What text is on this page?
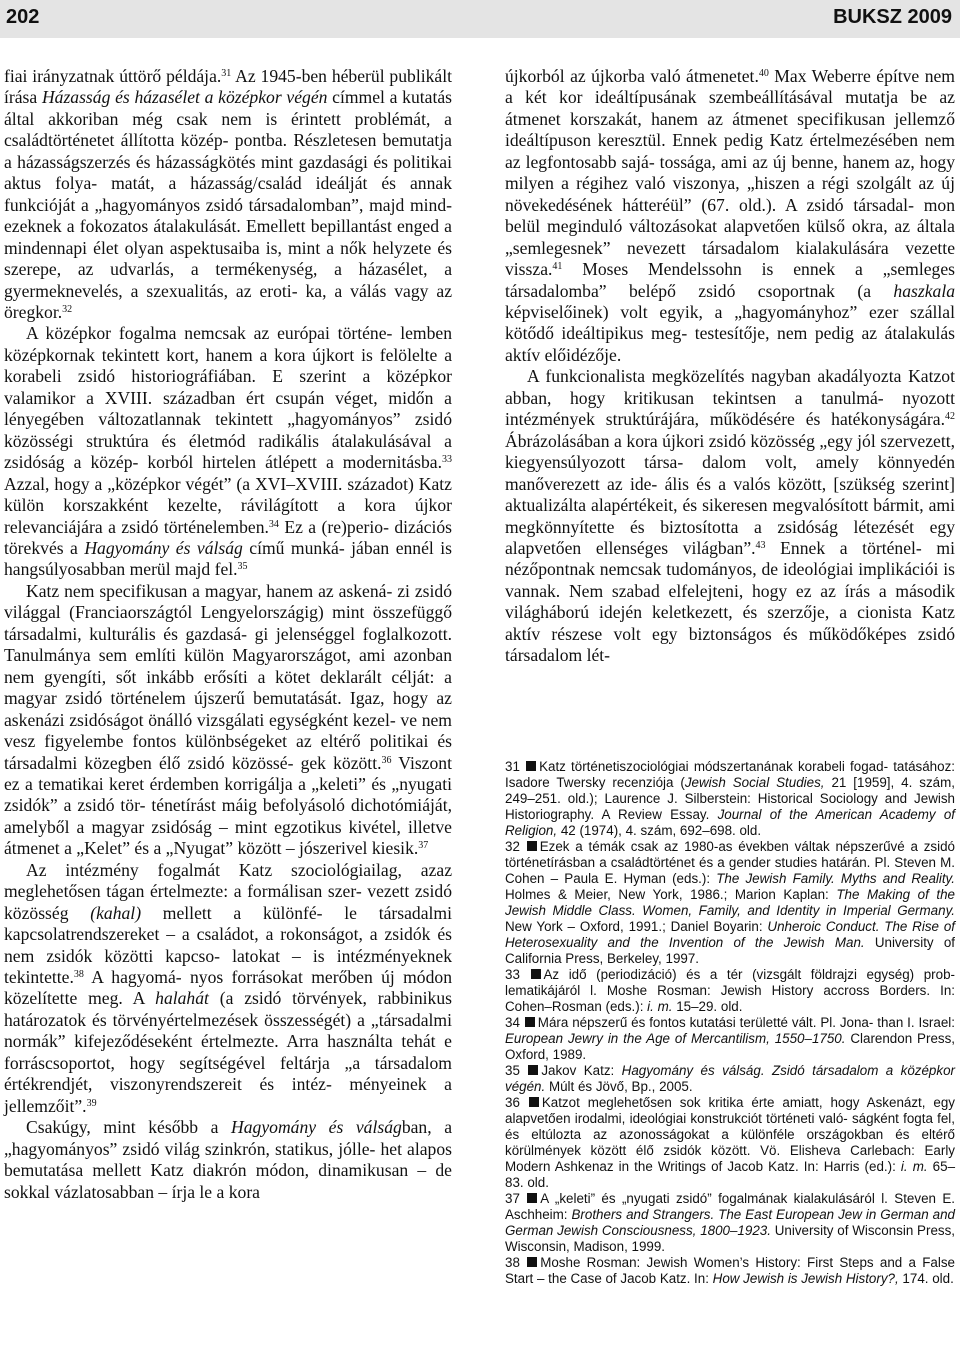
202	BUKSZ 2009

fiai irányzatnak úttörő példája.$^{31}$ Az 1945-ben héberül publikált írása Házasság és házasélet a középkor végén címmel a kutatás által akkoriban még csak nem is érintett problémát, a családtörténetet állította közép- pontba. Részletesen bemutatja a házasságszerzés és házasságkötés mint gazdasági és politikai aktus folya- matát, a házasság/család ideálját és annak funkcióját a „hagyományos zsidó társadalomban”, majd mind- ezeknek a fokozatos átalakulását. Emellett bepillantást enged a mindennapi élet olyan aspektusaiba is, mint a nők helyzete és szerepe, az udvarlás, a termékenység, a házasélet, a gyermeknevelés, a szexualitás, az eroti- ka, a válás vagy az öregkor.$^{32}$

A középkor fogalma nemcsak az európai történe- lemben középkornak tekintett kort, hanem a kora újkort is felölelte a korabeli zsidó historiográfiában. E szerint a középkor valamikor a XVIII. században ért csupán véget, midőn a lényegében változatlannak tekintett „hagyományos” zsidó közösségi struktúra és életmód radikális átalakulásával a zsidóság a közép- korból hirtelen átlépett a modernitásba.$^{33}$ Azzal, hogy a „középkor végét” (a XVI–XVIII. századot) Katz külön korszakként kezelte, rávilágított a kora újkor relevanciájára a zsidó történelemben.$^{34}$ Ez a (re)perio- dizációs törekvés a Hagyomány és válság című munká- jában ennél is hangsúlyosabban merül majd fel.$^{35}$

Katz nem specifikusan a magyar, hanem az askená- zi zsidó világgal (Franciaországtól Lengyelországig) mint összefüggő társadalmi, kulturális és gazdasá- gi jelenséggel foglalkozott. Tanulmánya sem említi külön Magyarországot, ami azonban nem gyengíti, sőt inkább erősíti a kötet deklarált célját: a magyar zsidó történelem újszerű bemutatását. Igaz, hogy az askenázi zsidóságot önálló vizsgálati egységként kezel- ve nem vesz figyelembe fontos különbségeket az eltérő politikai és társadalmi közegben élő zsidó közössé- gek között.$^{36}$ Viszont ez a tematikai keret érdemben korrigálja a „keleti” és „nyugati zsidók” a zsidó tör- ténetírást máig befolyásoló dichotómiáját, amelyből a magyar zsidóság – mint egzotikus kivétel, illetve átmenet a „Kelet” és a „Nyugat” között – jószerivel kiesik.$^{37}$

Az intézmény fogalmát Katz szociológiailag, azaz meglehetősen tágan értelmezte: a formálisan szer- vezett zsidó közösség (kahal) mellett a különfé- le társadalmi kapcsolatrendszereket – a családot, a rokonságot, a zsidók és nem zsidók közötti kapcso- latokat – is intézményeknek tekintette.$^{38}$ A hagyomá- nyos forrásokat merőben új módon közelítette meg. A halahát (a zsidó törvények, rabbinikus határozatok és törvényértelmezések összességét) a „társadalmi normák” kifejeződéseként értelmezte. Arra használta tehát e forráscsoportot, hogy segítségével feltárja „a társadalom értékrendjét, viszonyrendszereit és intéz- ményeinek a jellemzőit”.$^{39}$

Csakúgy, mint később a Hagyomány és válságban, a „hagyományos” zsidó világ szinkrón, statikus, jólle- het alapos bemutatása mellett Katz diakrón módon, dinamikusan – de sokkal vázlatosabban – írja le a kora

újkorból az újkorba való átmenetet.$^{40}$ Max Weberre építve nem a két kor ideáltípusának szembeállításával mutatja be az átmenet korszakát, hanem az átmenet specifikusan jellemző ideáltípuson keresztül. Ennek pedig Katz értelmezésében nem az legfontosabb sajá- tossága, ami az új benne, hanem az, hogy milyen a régihez való viszonya, „hiszen a régi szolgált az új növekedésének hátteréül” (67. old.). A zsidó társadal- mon belül meginduló változásokat alapvetően külső okra, az általa „semlegesnek” nevezett társadalom kialakulására vezette vissza.$^{41}$ Moses Mendelssohn is ennek a „semleges társadalomba” belépő zsidó csoportnak (a haszkala képviselőinek) volt egyik, a „hagyományhoz” ezer szállal kötődő ideáltipikus meg- testesítője, nem pedig az átalakulás aktív előidézője.

A funkcionalista megközelítés nagyban akadályozta Katzot abban, hogy kritikusan tekintsen a tanulmá- nyozott intézmények struktúrájára, működésére és hatékonyságára.$^{42}$ Ábrázolásában a kora újkori zsidó közösség „egy jól szervezett, kiegyensúlyozott társa- dalom volt, amely könnyedén manőverezett az ide- ális és a valós között, [szükség szerint] aktualizálta alapértékeit, és sikeresen megvalósított bármit, ami megkönnyítette és biztosította a zsidóság létezését egy alapvetően ellenséges világban”.$^{43}$ Ennek a történel- mi nézőpontnak nemcsak tudományos, de ideológiai implikációi is vannak. Nem szabad elfelejteni, hogy ez az írás a második világháború idején keletkezett, és szerzője, a cionista Katz aktív részese volt egy biztonságos és működőképes zsidó társadalom lét-

31 Katz történetiszociológiai módszertanának korabeli fogad- tatásához: Isadore Twersky recenziója (Jewish Social Studies, 21 [1959], 4. szám, 249–251. old.); Laurence J. Silberstein: Historical Sociology and Jewish Historiography. A Review Essay. Journal of the American Academy of Religion, 42 (1974), 4. szám, 692–698. old.

32 Ezek a témák csak az 1980-as években váltak népszerűvé a zsidó történetírásban a családtörténet és a gender studies határán. Pl. Steven M. Cohen – Paula E. Hyman (eds.): The Jewish Family. Myths and Reality. Holmes & Meier, New York, 1986.; Marion Kaplan: The Making of the Jewish Middle Class. Women, Family, and Identity in Imperial Germany. New York – Oxford, 1991.; Daniel Boyarin: Unheroic Conduct. The Rise of Heterosexuality and the Invention of the Jewish Man. University of California Press, Berkeley, 1997.

33 Az idő (periodizáció) és a tér (vizsgált földrajzi egység) prob- lematikájáról l. Moshe Rosman: Jewish History accross Borders. In: Cohen–Rosman (eds.): i. m. 15–29. old.

34 Mára népszerű és fontos kutatási területté vált. Pl. Jona- than I. Israel: European Jewry in the Age of Mercantilism, 1550–1750. Clarendon Press, Oxford, 1989.

35 Jakov Katz: Hagyomány és válság. Zsidó társadalom a középkor végén. Múlt és Jövő, Bp., 2005.

36 Katzot meglehetősen sok kritika érte amiatt, hogy Askenázt, egy alapvetően irodalmi, ideológiai konstrukciót történeti való- ságként fogta fel, és eltúlozta az azonosságokat a különféle országokban és eltérő körülmények között élő zsidók között. Vö. Elisheva Carlebach: Early Modern Ashkenaz in the Writings of Jacob Katz. In: Harris (ed.): i. m. 65–83. old.

37 A „keleti” és „nyugati zsidó” fogalmának kialakulásáról l. Steven E. Aschheim: Brothers and Strangers. The East European Jew in German and German Jewish Consciousness, 1800–1923. University of Wisconsin Press, Wisconsin, Madison, 1999.

38 Moshe Rosman: Jewish Women’s History: First Steps and a False Start – the Case of Jacob Katz. In: How Jewish is Jewish History?, 174. old.
